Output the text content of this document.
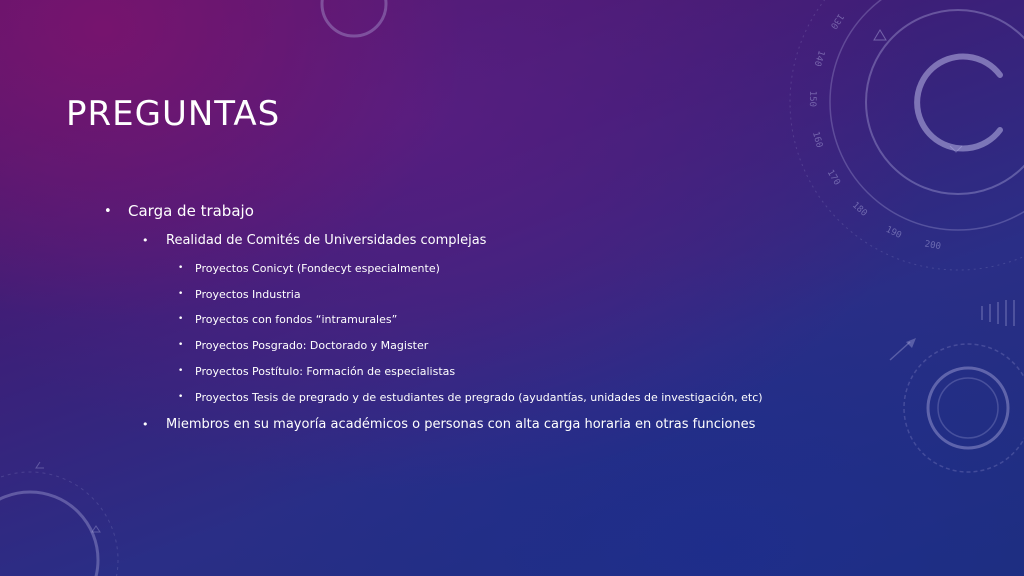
200
190
180
170
160
150
140
130
PREGUNTAS
• Carga de trabajo
• Realidad de Comités de Universidades complejas
• Proyectos Conicyt (Fondecyt especialmente)
• Proyectos Industria
• Proyectos con fondos “intramurales”
• Proyectos Posgrado: Doctorado y Magister
• Proyectos Postítulo: Formación de especialistas
• Proyectos Tesis de pregrado y de estudiantes de pregrado (ayudantías, unidades de investigación, etc)
• Miembros en su mayoría académicos o personas con alta carga horaria en otras funciones
